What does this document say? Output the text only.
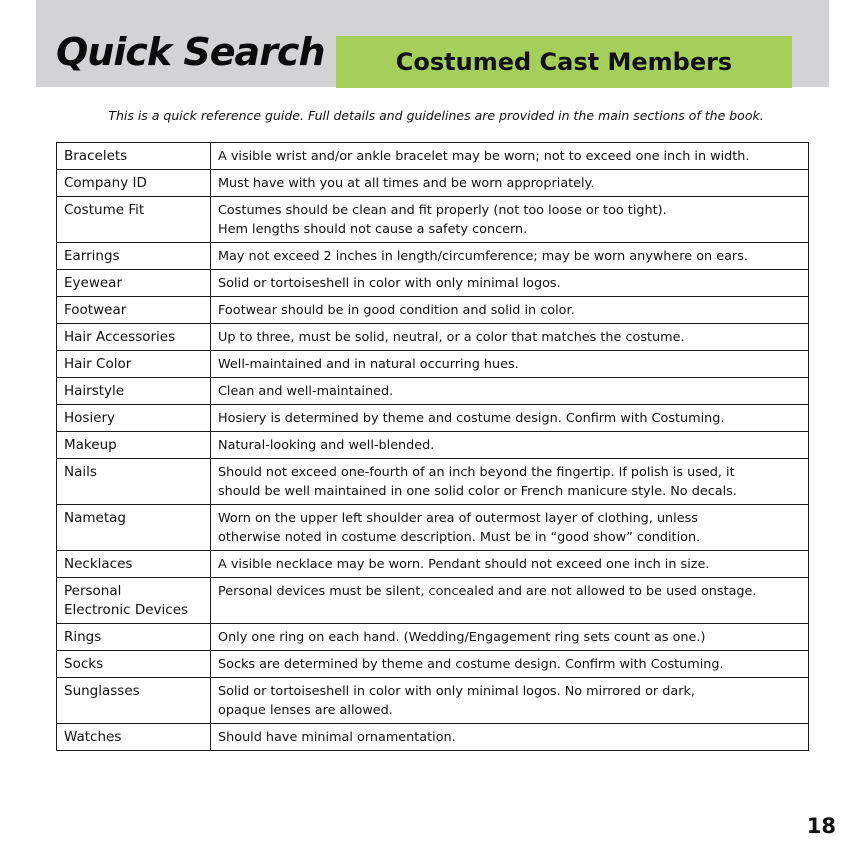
Quick Search	Costumed Cast Members
This is a quick reference guide. Full details and guidelines are provided in the main sections of the book.
Bracelets	A visible wrist and/or ankle bracelet may be worn; not to exceed one inch in width.
Company ID	Must have with you at all times and be worn appropriately.
Costume Fit	Costumes should be clean and fit properly (not too loose or too tight).
Hem lengths should not cause a safety concern.
Earrings	May not exceed 2 inches in length/circumference; may be worn anywhere on ears.
Eyewear	Solid or tortoiseshell in color with only minimal logos.
Footwear	Footwear should be in good condition and solid in color.
Hair Accessories	Up to three, must be solid, neutral, or a color that matches the costume.
Hair Color	Well-maintained and in natural occurring hues.
Hairstyle	Clean and well-maintained.
Hosiery	Hosiery is determined by theme and costume design. Confirm with Costuming.
Makeup	Natural-looking and well-blended.
Nails	Should not exceed one-fourth of an inch beyond the fingertip. If polish is used, it
should be well maintained in one solid color or French manicure style. No decals.
Nametag	Worn on the upper left shoulder area of outermost layer of clothing, unless
otherwise noted in costume description. Must be in “good show” condition.
Necklaces	A visible necklace may be worn. Pendant should not exceed one inch in size.
Personal
Electronic Devices	Personal devices must be silent, concealed and are not allowed to be used onstage.
Rings	Only one ring on each hand. (Wedding/Engagement ring sets count as one.)
Socks	Socks are determined by theme and costume design. Confirm with Costuming.
Sunglasses	Solid or tortoiseshell in color with only minimal logos. No mirrored or dark,
opaque lenses are allowed.
Watches	Should have minimal ornamentation.
18
